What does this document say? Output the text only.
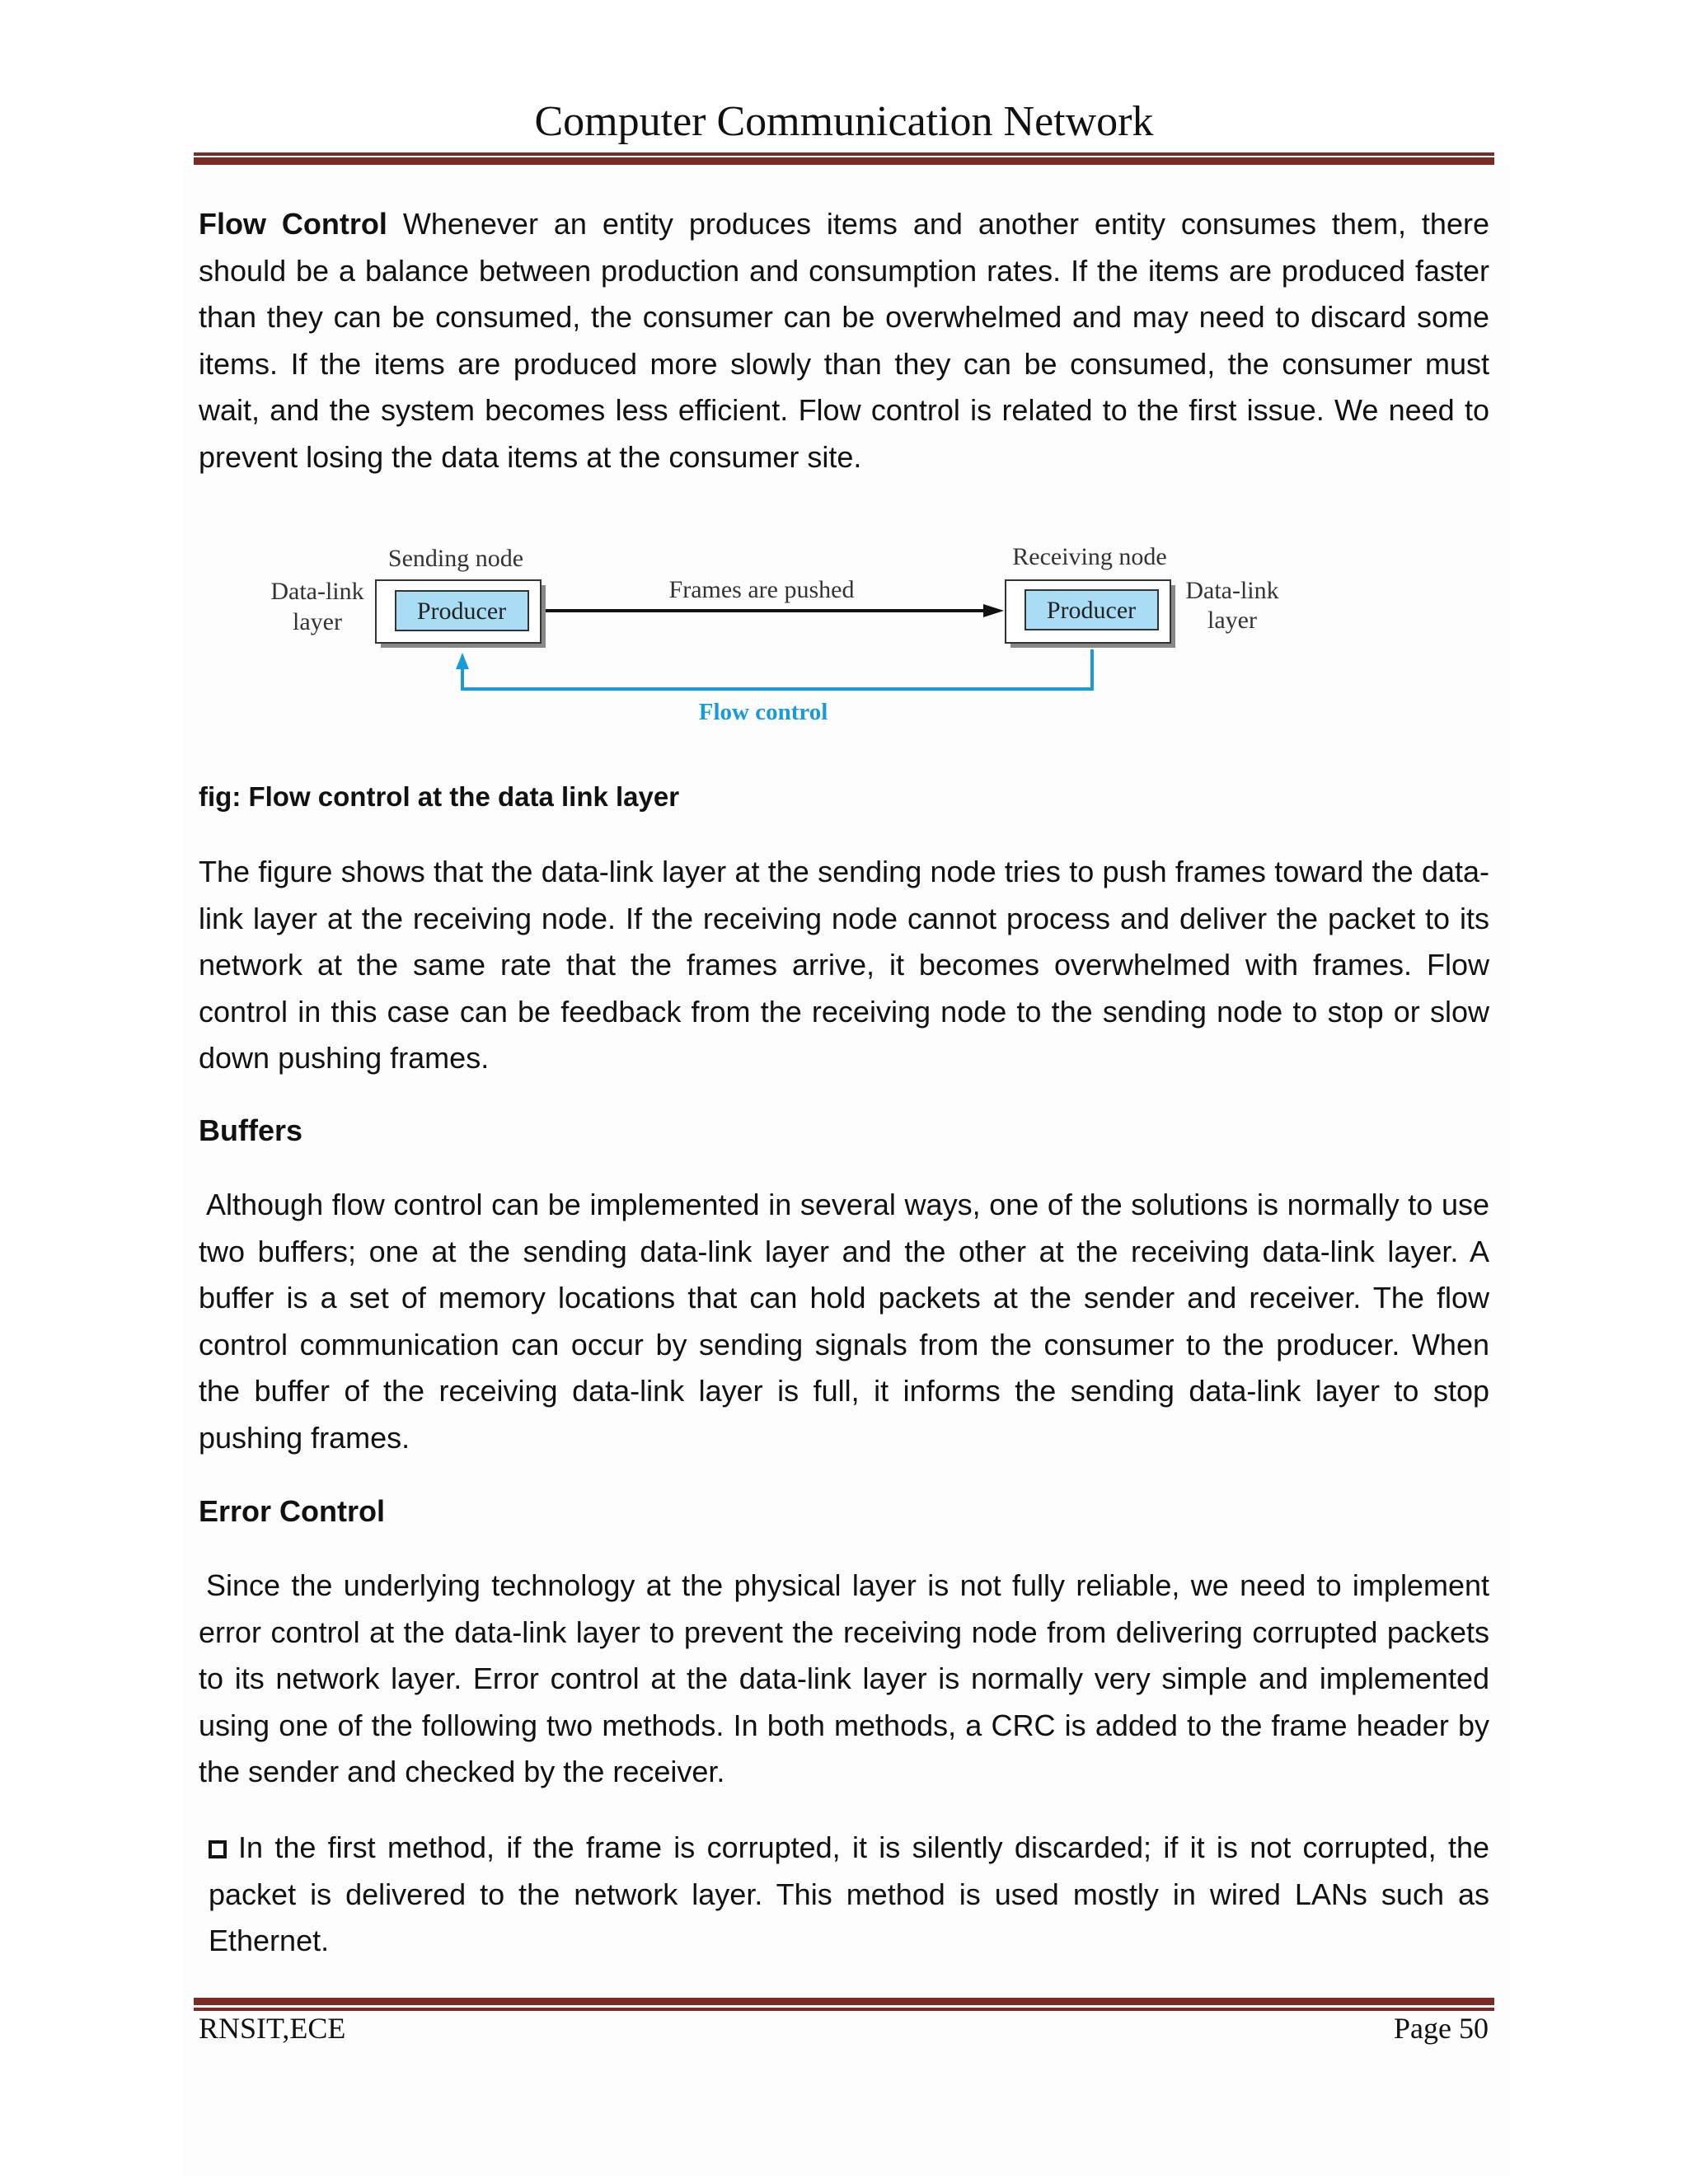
Computer Communication Network

Flow Control Whenever an entity produces items and another entity consumes them, there should be a balance between production and consumption rates. If the items are produced faster than they can be consumed, the consumer can be overwhelmed and may need to discard some items. If the items are produced more slowly than they can be consumed, the consumer must wait, and the system becomes less efficient. Flow control is related to the first issue. We need to prevent losing the data items at the consumer site.

Sending node	Receiving node
Data-link
layer
Data-link
layer
Producer	Producer
Frames are pushed
Flow control

fig: Flow control at the data link layer

The figure shows that the data-link layer at the sending node tries to push frames toward the data-link layer at the receiving node. If the receiving node cannot process and deliver the packet to its network at the same rate that the frames arrive, it becomes overwhelmed with frames. Flow control in this case can be feedback from the receiving node to the sending node to stop or slow down pushing frames.

Buffers

Although flow control can be implemented in several ways, one of the solutions is normally to use two buffers; one at the sending data-link layer and the other at the receiving data-link layer. A buffer is a set of memory locations that can hold packets at the sender and receiver. The flow control communication can occur by sending signals from the consumer to the producer. When the buffer of the receiving data-link layer is full, it informs the sending data-link layer to stop pushing frames.

Error Control

Since the underlying technology at the physical layer is not fully reliable, we need to implement error control at the data-link layer to prevent the receiving node from delivering corrupted packets to its network layer. Error control at the data-link layer is normally very simple and implemented using one of the following two methods. In both methods, a CRC is added to the frame header by the sender and checked by the receiver.

In the first method, if the frame is corrupted, it is silently discarded; if it is not corrupted, the packet is delivered to the network layer. This method is used mostly in wired LANs such as Ethernet.

RNSIT,ECE	Page 50
